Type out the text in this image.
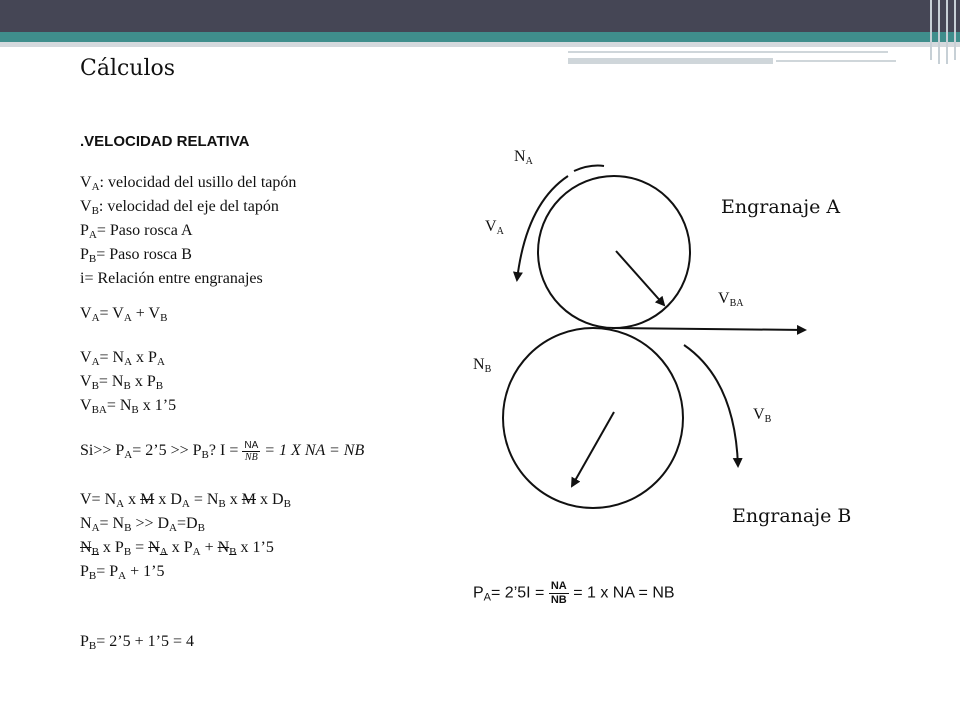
Cálculos
.VELOCIDAD RELATIVA
$V_A$: velocidad del usillo del tapón
$V_B$: velocidad del eje del tapón
$P_A=$ Paso rosca A
$P_B=$ Paso rosca B
i= Relación entre engranajes
$V_A= V_A + V_B$
$V_A= N_A$ x $P_A$
$V_B= N_B$ x $P_B$
$V_{BA}= N_B$ x 1’5
$Si>> P_A=$ 2’5 >> $P_B$? $I = \frac{NA}{NB} = 1$ X NA = NB
$V= N_A$ x M x $D_A = N_B$ x M x $D_B$
$N_A= N_B >> D_A=D_B$
$N_B$ x $P_B = N_A$ x $P_A + N_B$ x 1’5
$P_B= P_A$ + 1’5
$P_B=$ 2’5 + 1’5 = 4
$N_A$
$V_A$
$N_B$
$V_{BA}$
$V_B$
Engranaje A
Engranaje B
$P_A=$ 2’5I = $\frac{NA}{NB} = 1$ x NA = NB
